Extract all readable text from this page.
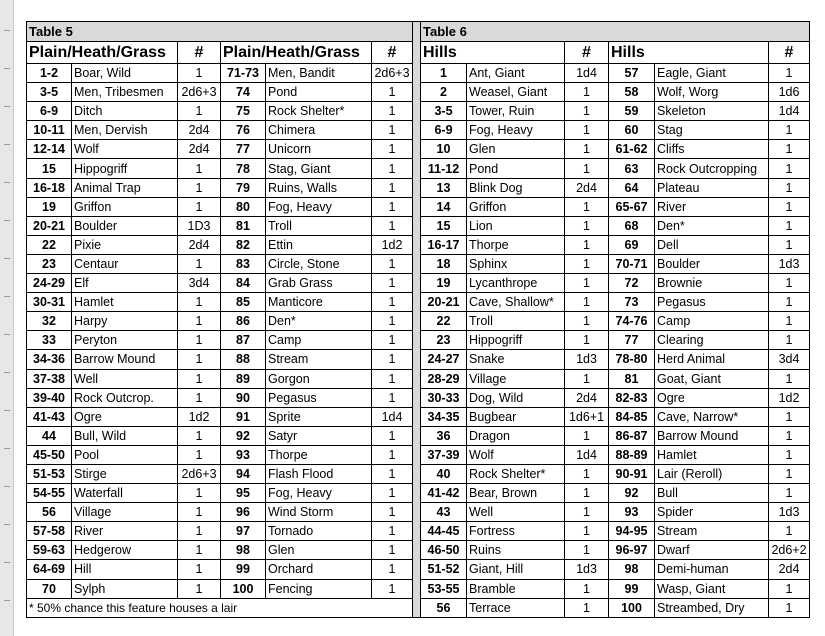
Table 5							Table 6					
Plain/Heath/Grass		#	Plain/Heath/Grass		#		Hills		#	Hills		#
1-2	Boar, Wild	1	71-73	Men, Bandit	2d6+3		1	Ant, Giant	1d4	57	Eagle, Giant	1
3-5	Men, Tribesmen	2d6+3	74	Pond	1		2	Weasel, Giant	1	58	Wolf, Worg	1d6
6-9	Ditch	1	75	Rock Shelter*	1		3-5	Tower, Ruin	1	59	Skeleton	1d4
10-11	Men, Dervish	2d4	76	Chimera	1		6-9	Fog, Heavy	1	60	Stag	1
12-14	Wolf	2d4	77	Unicorn	1		10	Glen	1	61-62	Cliffs	1
15	Hippogriff	1	78	Stag, Giant	1		11-12	Pond	1	63	Rock Outcropping	1
16-18	Animal Trap	1	79	Ruins, Walls	1		13	Blink Dog	2d4	64	Plateau	1
19	Griffon	1	80	Fog, Heavy	1		14	Griffon	1	65-67	River	1
20-21	Boulder	1D3	81	Troll	1		15	Lion	1	68	Den*	1
22	Pixie	2d4	82	Ettin	1d2		16-17	Thorpe	1	69	Dell	1
23	Centaur	1	83	Circle, Stone	1		18	Sphinx	1	70-71	Boulder	1d3
24-29	Elf	3d4	84	Grab Grass	1		19	Lycanthrope	1	72	Brownie	1
30-31	Hamlet	1	85	Manticore	1		20-21	Cave, Shallow*	1	73	Pegasus	1
32	Harpy	1	86	Den*	1		22	Troll	1	74-76	Camp	1
33	Peryton	1	87	Camp	1		23	Hippogriff	1	77	Clearing	1
34-36	Barrow Mound	1	88	Stream	1		24-27	Snake	1d3	78-80	Herd Animal	3d4
37-38	Well	1	89	Gorgon	1		28-29	Village	1	81	Goat, Giant	1
39-40	Rock Outcrop.	1	90	Pegasus	1		30-33	Dog, Wild	2d4	82-83	Ogre	1d2
41-43	Ogre	1d2	91	Sprite	1d4		34-35	Bugbear	1d6+1	84-85	Cave, Narrow*	1
44	Bull, Wild	1	92	Satyr	1		36	Dragon	1	86-87	Barrow Mound	1
45-50	Pool	1	93	Thorpe	1		37-39	Wolf	1d4	88-89	Hamlet	1
51-53	Stirge	2d6+3	94	Flash Flood	1		40	Rock Shelter*	1	90-91	Lair (Reroll)	1
54-55	Waterfall	1	95	Fog, Heavy	1		41-42	Bear, Brown	1	92	Bull	1
56	Village	1	96	Wind Storm	1		43	Well	1	93	Spider	1d3
57-58	River	1	97	Tornado	1		44-45	Fortress	1	94-95	Stream	1
59-63	Hedgerow	1	98	Glen	1		46-50	Ruins	1	96-97	Dwarf	2d6+2
64-69	Hill	1	99	Orchard	1		51-52	Giant, Hill	1d3	98	Demi-human	2d4
70	Sylph	1	100	Fencing	1		53-55	Bramble	1	99	Wasp, Giant	1
* 50% chance this feature houses a lair							56	Terrace	1	100	Streambed, Dry	1
